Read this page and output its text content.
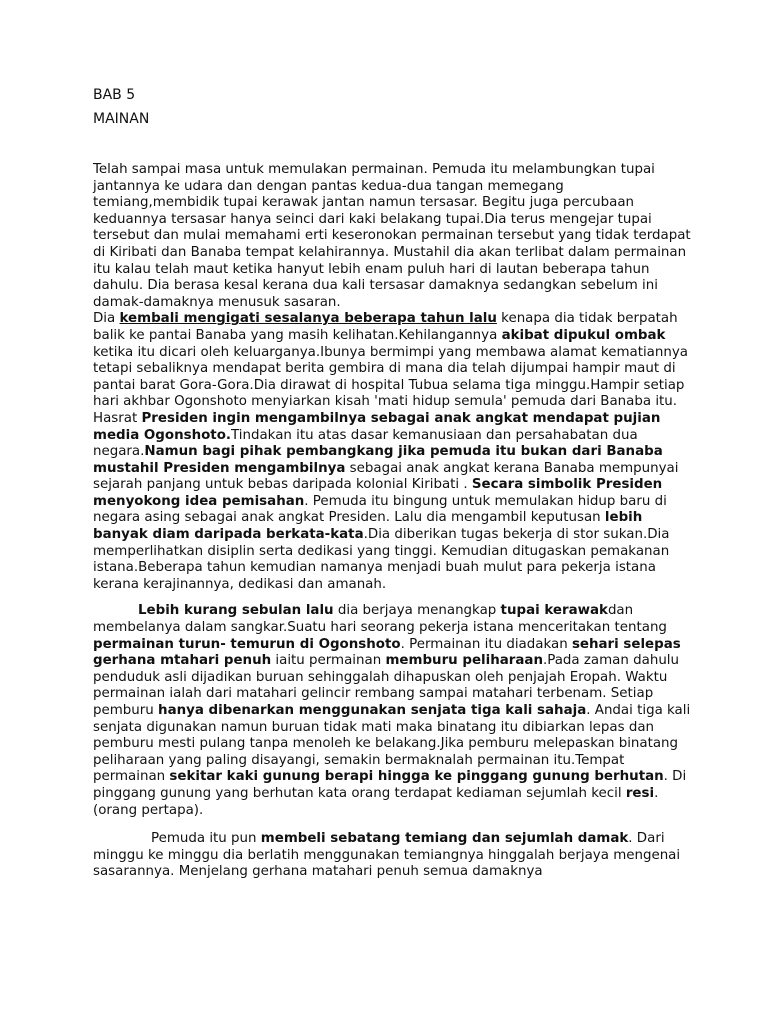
BAB 5

MAINAN

Telah sampai masa untuk memulakan permainan. Pemuda itu melambungkan tupai jantannya ke udara dan dengan pantas kedua-dua tangan memegang temiang,membidik tupai kerawak jantan namun tersasar. Begitu juga percubaan keduannya tersasar hanya seinci dari kaki belakang tupai.Dia terus mengejar tupai tersebut dan mulai memahami erti keseronokan permainan tersebut yang tidak terdapat di Kiribati dan Banaba tempat kelahirannya. Mustahil dia akan terlibat dalam permainan itu kalau telah maut ketika hanyut lebih enam puluh hari di lautan beberapa tahun dahulu. Dia berasa kesal kerana dua kali tersasar damaknya sedangkan sebelum ini damak-damaknya menusuk sasaran.
Dia kembali mengigati sesalanya beberapa tahun lalu kenapa dia tidak berpatah balik ke pantai Banaba yang masih kelihatan.Kehilangannya akibat dipukul ombak ketika itu dicari oleh keluarganya.Ibunya bermimpi yang membawa alamat kematiannya tetapi sebaliknya mendapat berita gembira di mana dia telah dijumpai hampir maut di pantai barat Gora-Gora.Dia dirawat di hospital Tubua selama tiga minggu.Hampir setiap hari akhbar Ogonshoto menyiarkan kisah 'mati hidup semula' pemuda dari Banaba itu. Hasrat Presiden ingin mengambilnya sebagai anak angkat mendapat pujian media Ogonshoto.Tindakan itu atas dasar kemanusiaan dan persahabatan dua negara.Namun bagi pihak pembangkang jika pemuda itu bukan dari Banaba mustahil Presiden mengambilnya sebagai anak angkat kerana Banaba mempunyai sejarah panjang untuk bebas daripada kolonial Kiribati . Secara simbolik Presiden menyokong idea pemisahan. Pemuda itu bingung untuk memulakan hidup baru di negara asing sebagai anak angkat Presiden. Lalu dia mengambil keputusan lebih banyak diam daripada berkata-kata.Dia diberikan tugas bekerja di stor sukan.Dia memperlihatkan disiplin serta dedikasi yang tinggi. Kemudian ditugaskan pemakanan istana.Beberapa tahun kemudian namanya menjadi buah mulut para pekerja istana kerana kerajinannya, dedikasi dan amanah.

Lebih kurang sebulan lalu dia berjaya menangkap tupai kerawakdan membelanya dalam sangkar.Suatu hari seorang pekerja istana menceritakan tentang permainan turun- temurun di Ogonshoto. Permainan itu diadakan sehari selepas gerhana mtahari penuh iaitu permainan memburu peliharaan.Pada zaman dahulu penduduk asli dijadikan buruan sehinggalah dihapuskan oleh penjajah Eropah. Waktu permainan ialah dari matahari gelincir rembang sampai matahari terbenam. Setiap pemburu hanya dibenarkan menggunakan senjata tiga kali sahaja. Andai tiga kali senjata digunakan namun buruan tidak mati maka binatang itu dibiarkan lepas dan pemburu mesti pulang tanpa menoleh ke belakang.Jika pemburu melepaskan binatang peliharaan yang paling disayangi, semakin bermaknalah permainan itu.Tempat permainan sekitar kaki gunung berapi hingga ke pinggang gunung berhutan. Di pinggang gunung yang berhutan kata orang terdapat kediaman sejumlah kecil resi.(orang pertapa).

Pemuda itu pun membeli sebatang temiang dan sejumlah damak. Dari minggu ke minggu dia berlatih menggunakan temiangnya hinggalah berjaya mengenai sasarannya. Menjelang gerhana matahari penuh semua damaknya
